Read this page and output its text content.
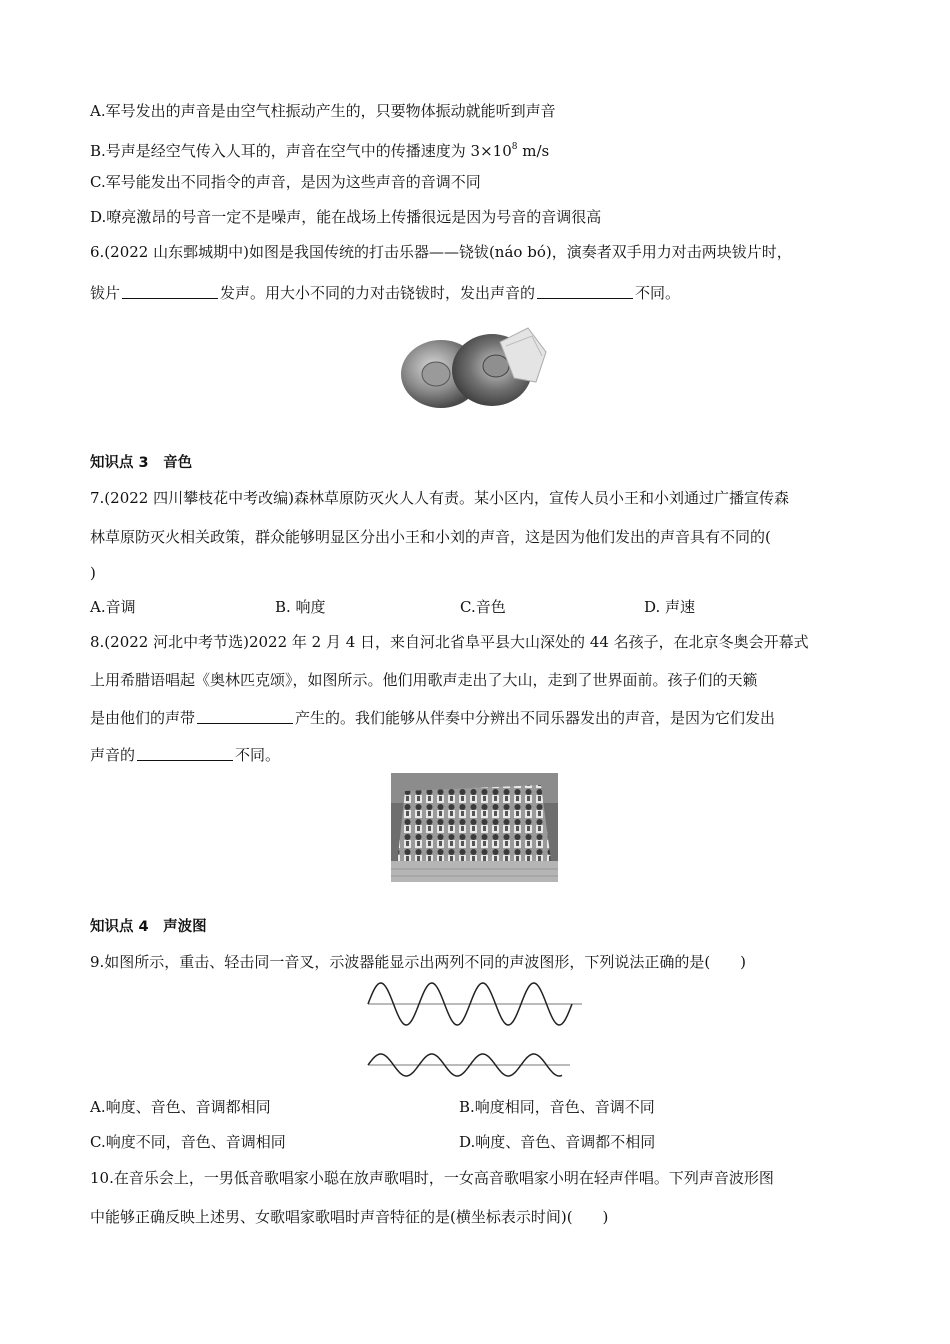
A.军号发出的声音是由空气柱振动产生的，只要物体振动就能听到声音
B.号声是经空气传入人耳的，声音在空气中的传播速度为 $3\times 10^8$ m/s
C.军号能发出不同指令的声音，是因为这些声音的音调不同
D.嘹亮激昂的号音一定不是噪声，能在战场上传播很远是因为号音的音调很高
6.(2022 山东鄄城期中)如图是我国传统的打击乐器——铙钹(náo bó)，演奏者双手用力对击两块钹片时，
钹片	发声。用大小不同的力对击铙钹时，发出声音的	不同。
知识点 3　音色
7.(2022 四川攀枝花中考改编)森林草原防灭火人人有责。某小区内，宣传人员小王和小刘通过广播宣传森
林草原防灭火相关政策，群众能够明显区分出小王和小刘的声音，这是因为他们发出的声音具有不同的(
)
A.音调	B. 响度	C.音色	D. 声速
8.(2022 河北中考节选)2022 年 2 月 4 日，来自河北省阜平县大山深处的 44 名孩子，在北京冬奥会开幕式
上用希腊语唱起《奥林匹克颂》，如图所示。他们用歌声走出了大山，走到了世界面前。孩子们的天籁
是由他们的声带	产生的。我们能够从伴奏中分辨出不同乐器发出的声音，是因为它们发出
声音的	不同。
知识点 4　声波图
9.如图所示，重击、轻击同一音叉，示波器能显示出两列不同的声波图形，下列说法正确的是(　　)
A.响度、音色、音调都相同	B.响度相同，音色、音调不同
C.响度不同，音色、音调相同	D.响度、音色、音调都不相同
10.在音乐会上，一男低音歌唱家小聪在放声歌唱时，一女高音歌唱家小明在轻声伴唱。下列声音波形图
中能够正确反映上述男、女歌唱家歌唱时声音特征的是(横坐标表示时间)(　　)
